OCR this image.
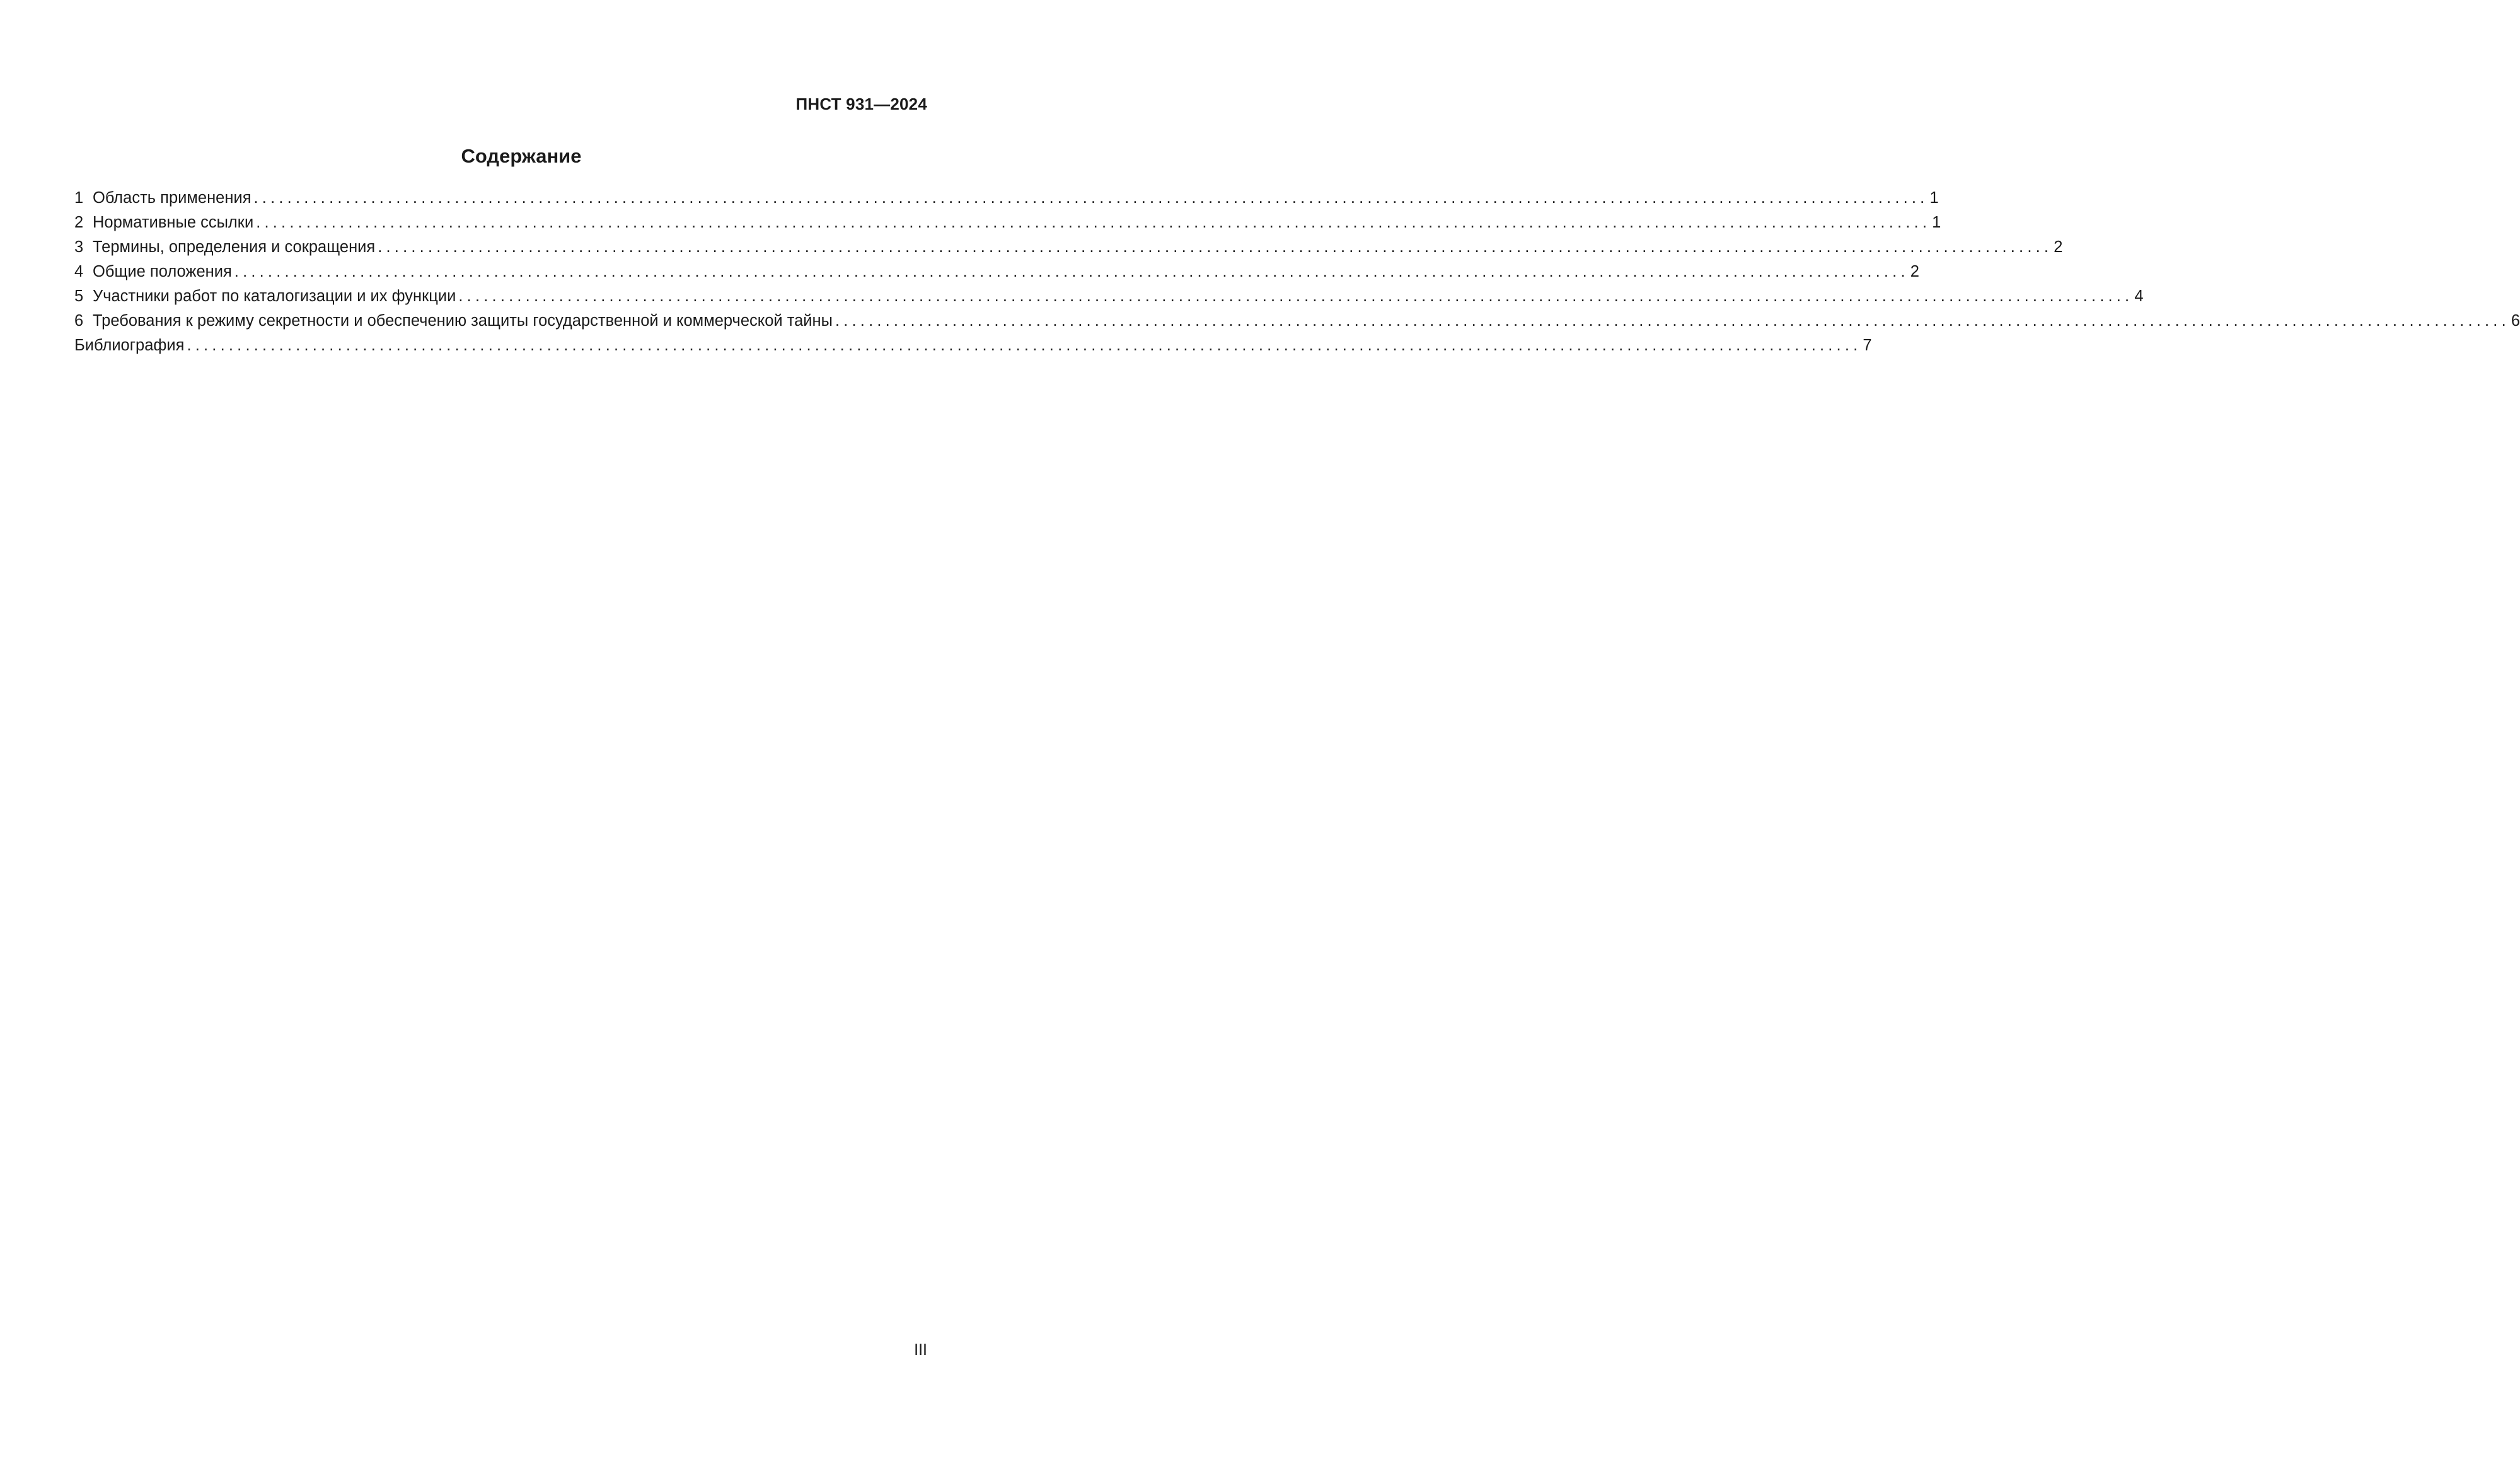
ПНСТ 931—2024
Содержание
1 Область применения ........................................................................................................................................................................................................ 1
2 Нормативные ссылки ........................................................................................................................................................................................................ 1
3 Термины, определения и сокращения ........................................................................................................................................................................................................ 2
4 Общие положения ........................................................................................................................................................................................................ 2
5 Участники работ по каталогизации и их функции ........................................................................................................................................................................................................ 4
6 Требования к режиму секретности и обеспечению защиты государственной и коммерческой тайны ........................................................................................................................................................................................................ 6
Библиография ........................................................................................................................................................................................................ 7
III
